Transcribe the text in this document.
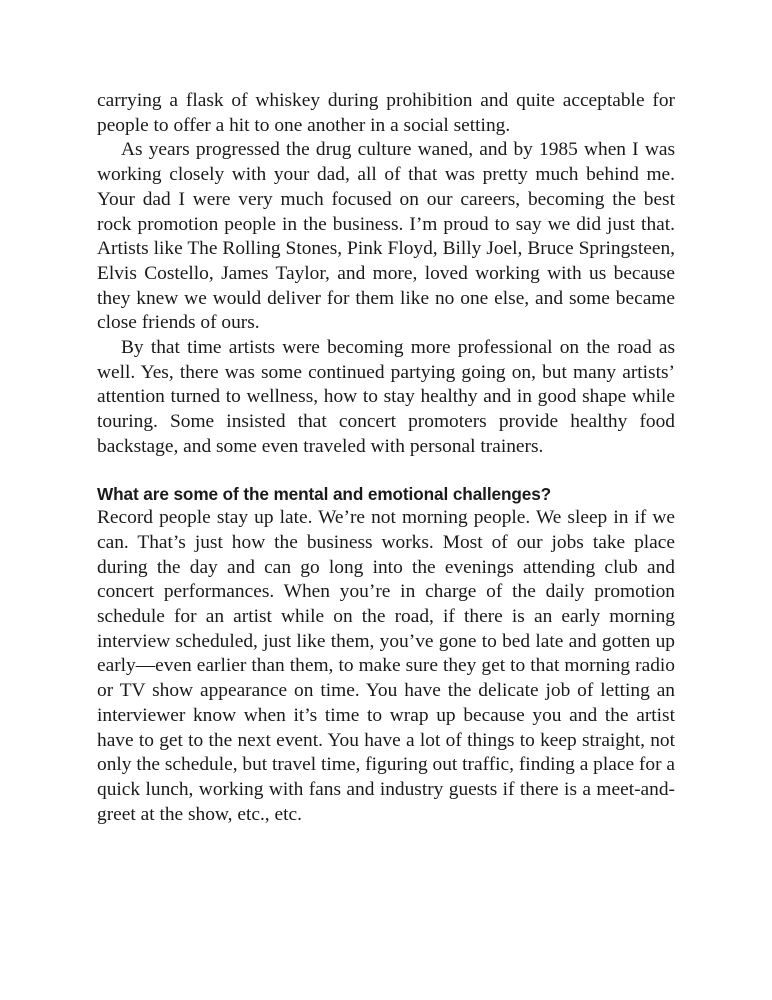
carrying a flask of whiskey during prohibition and quite acceptable for people to offer a hit to one another in a social setting.

As years progressed the drug culture waned, and by 1985 when I was working closely with your dad, all of that was pretty much behind me. Your dad I were very much focused on our careers, becoming the best rock promotion people in the business. I’m proud to say we did just that. Artists like The Rolling Stones, Pink Floyd, Billy Joel, Bruce Springsteen, Elvis Costello, James Taylor, and more, loved working with us because they knew we would deliver for them like no one else, and some became close friends of ours.

By that time artists were becoming more professional on the road as well. Yes, there was some continued partying going on, but many artists’ attention turned to wellness, how to stay healthy and in good shape while touring. Some insisted that concert promoters provide healthy food backstage, and some even traveled with personal trainers.

What are some of the mental and emotional challenges?

Record people stay up late. We’re not morning people. We sleep in if we can. That’s just how the business works. Most of our jobs take place during the day and can go long into the evenings attending club and concert performances. When you’re in charge of the daily promotion schedule for an artist while on the road, if there is an early morning interview scheduled, just like them, you’ve gone to bed late and gotten up early—even earlier than them, to make sure they get to that morning radio or TV show appearance on time. You have the delicate job of letting an interviewer know when it’s time to wrap up because you and the artist have to get to the next event. You have a lot of things to keep straight, not only the schedule, but travel time, figuring out traffic, finding a place for a quick lunch, working with fans and industry guests if there is a meet-and-greet at the show, etc., etc.
